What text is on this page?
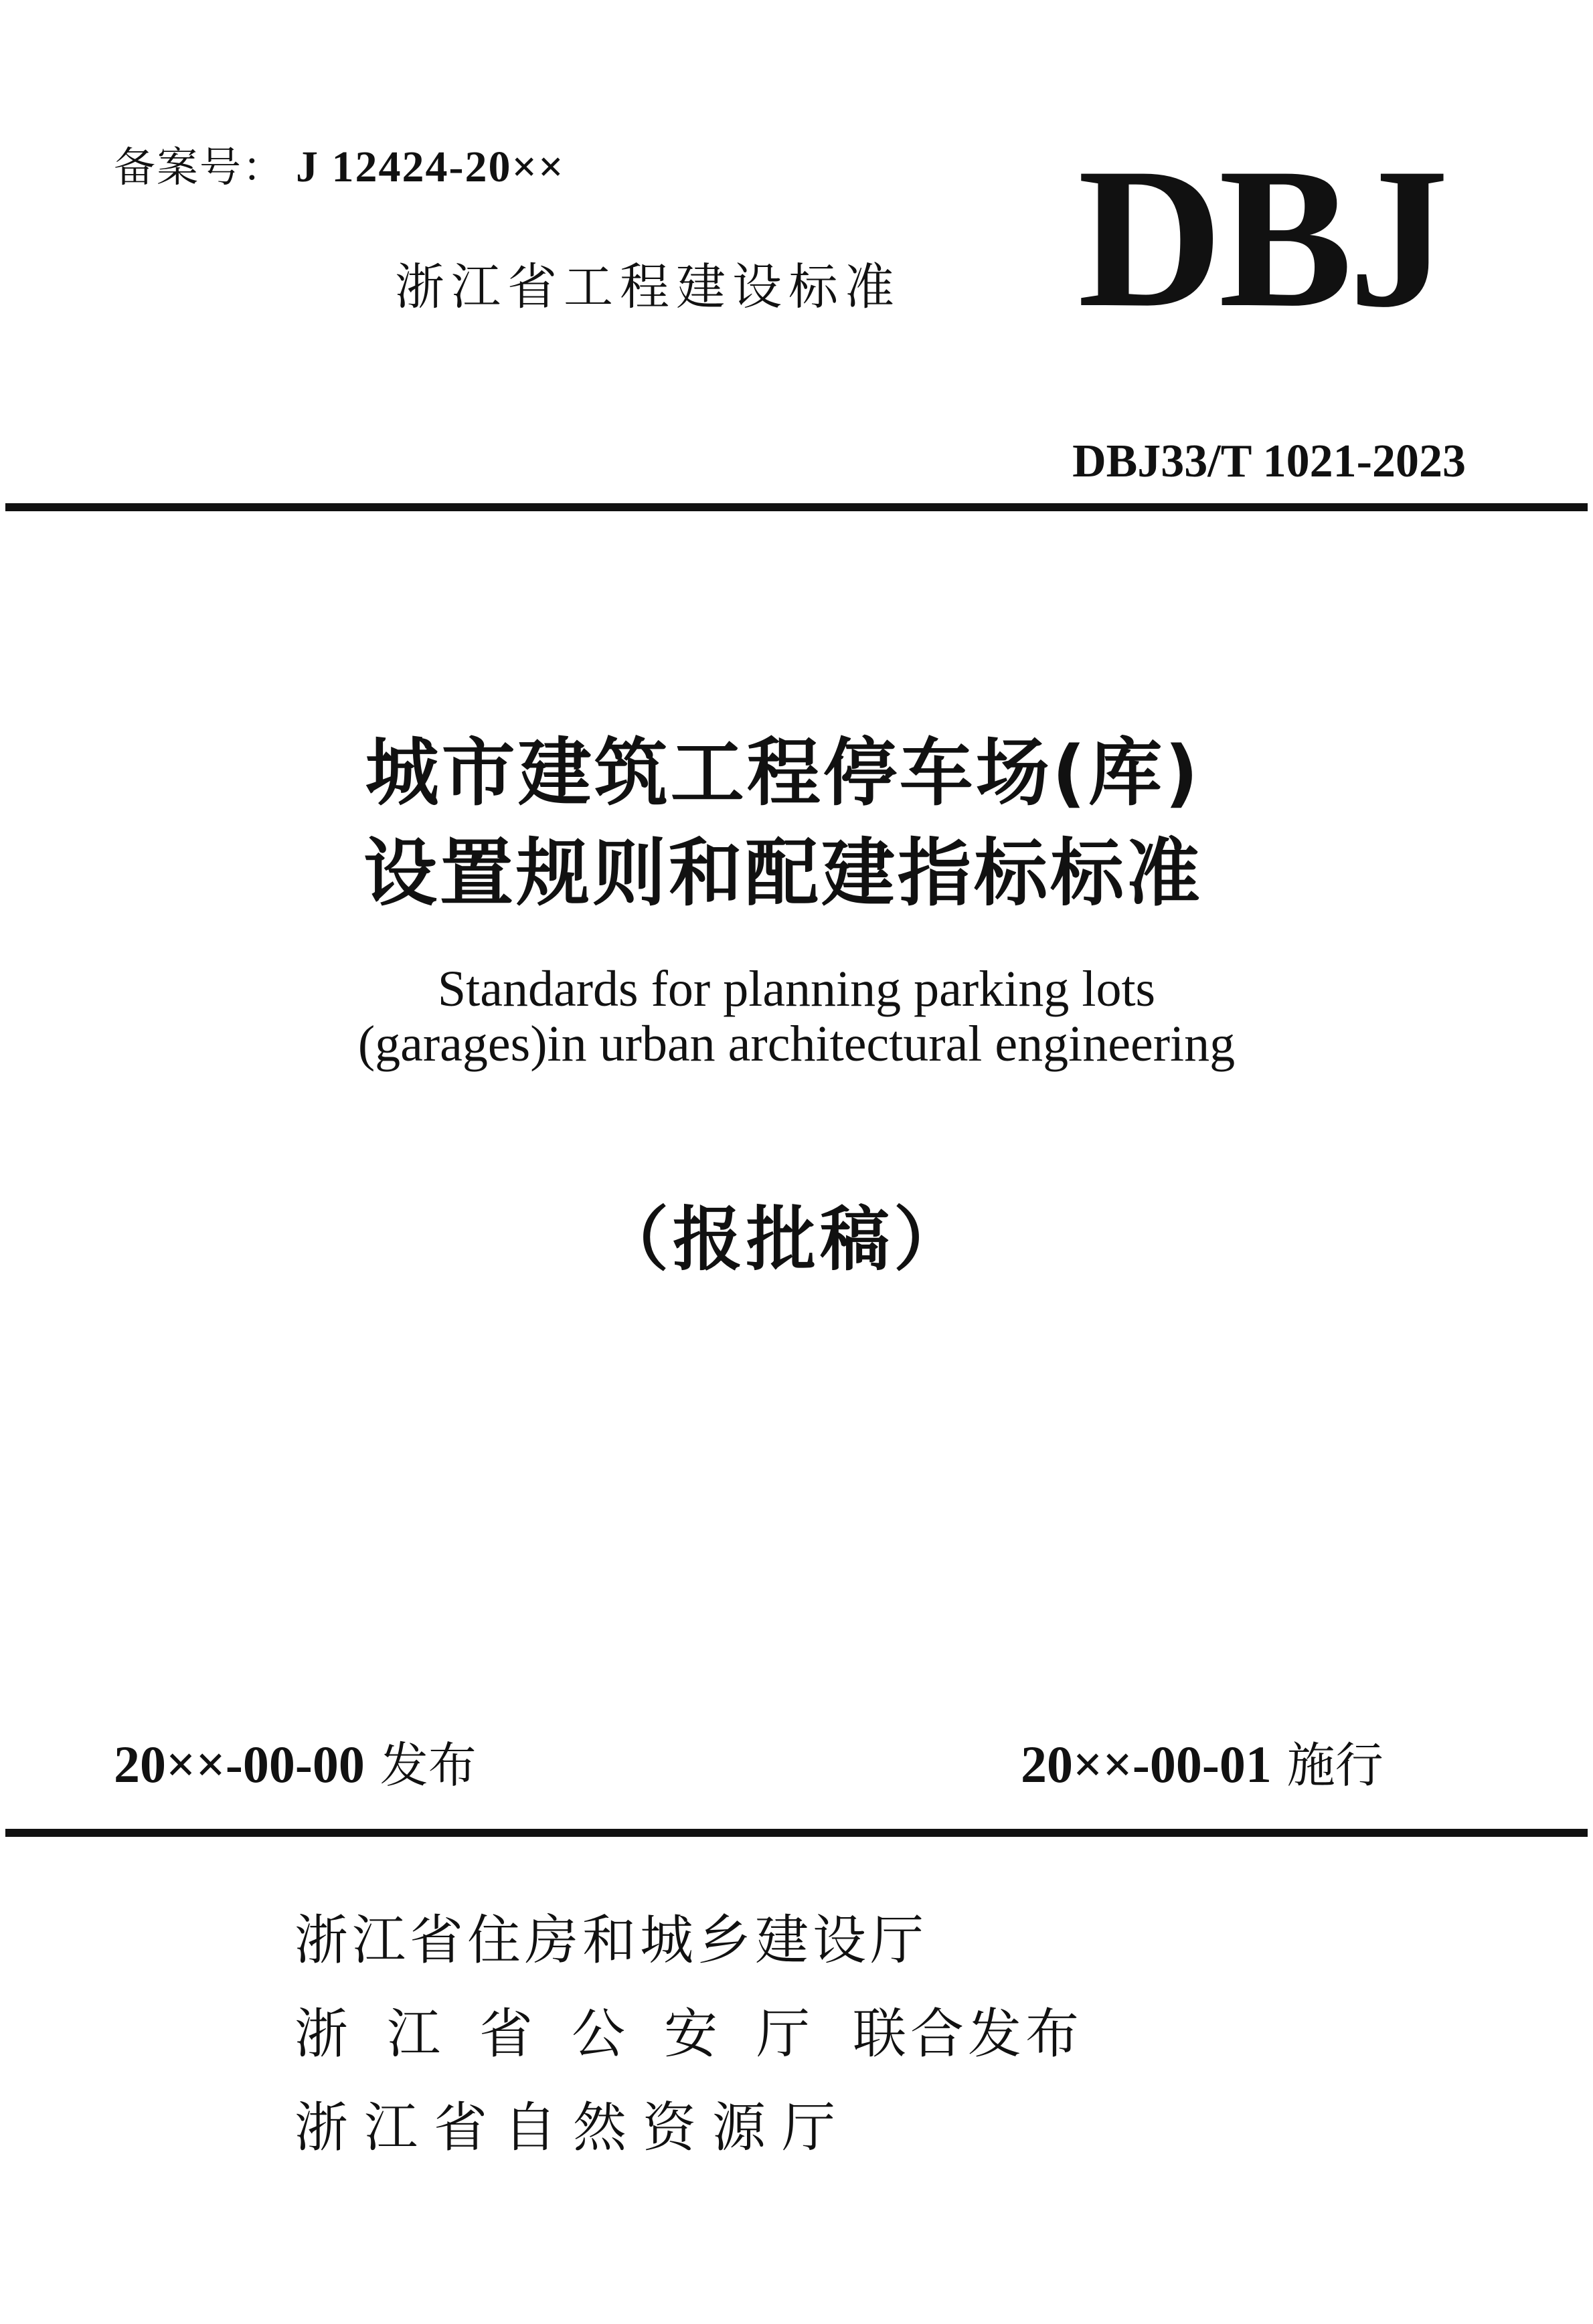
备案号： J 12424-20××
浙江省工程建设标准 DBJ
DBJ33/T 1021-2023
城市建筑工程停车场(库)
设置规则和配建指标标准
Standards for planning parking lots
(garages)in urban architectural engineering
（报批稿）
20××-00-00 发布	20××-00-01 施行
浙江省住房和城乡建设厅
浙江省公安厅联合发布
浙江省自然资源厅
